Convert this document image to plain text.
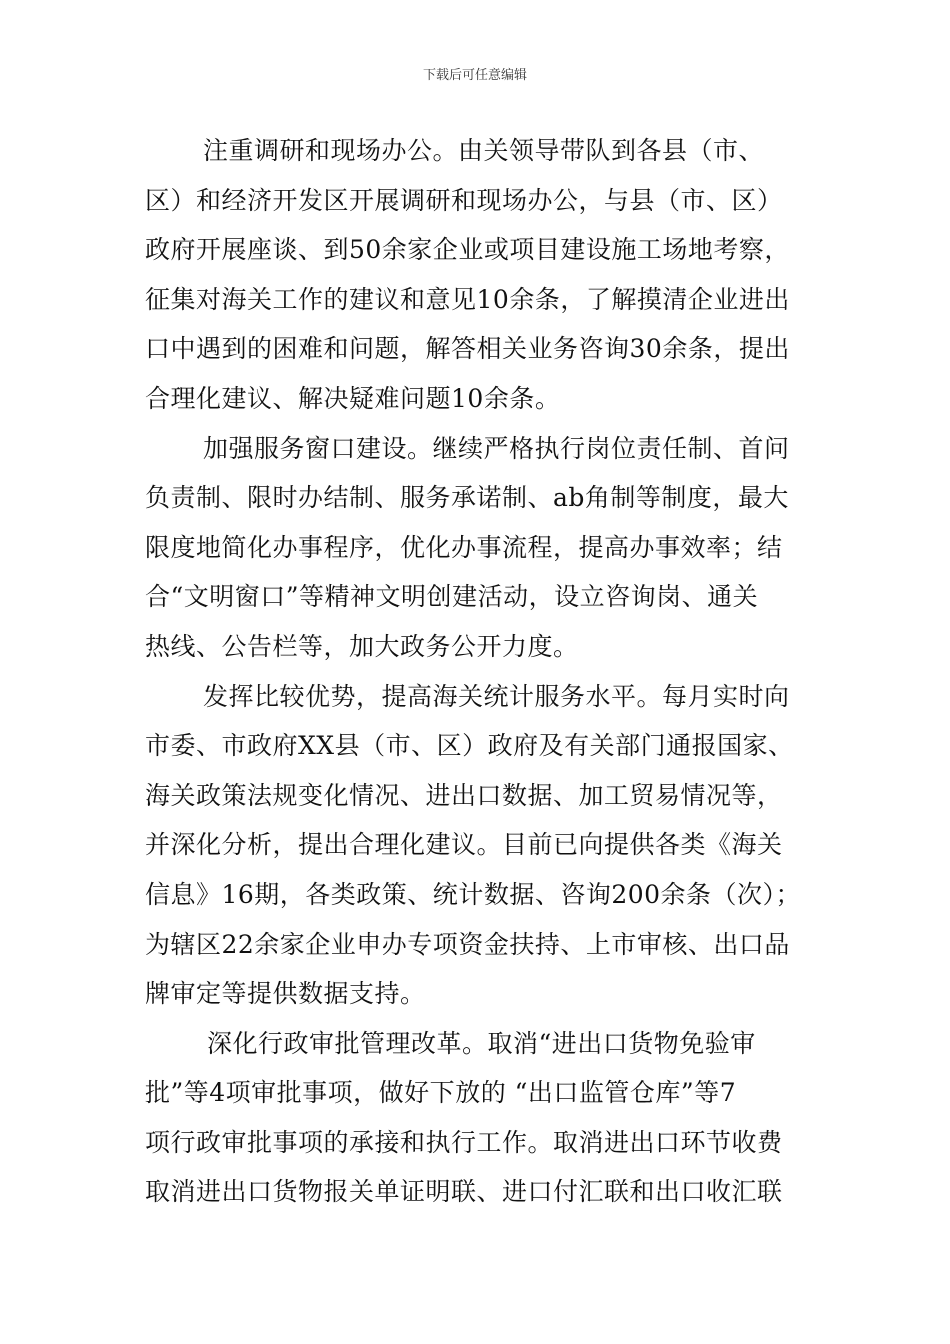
下载后可任意编辑
注重调研和现场办公。由关领导带队到各县（市、
区）和经济开发区开展调研和现场办公，与县（市、区）
政府开展座谈、到50余家企业或项目建设施工场地考察，
征集对海关工作的建议和意见10余条，了解摸清企业进出
口中遇到的困难和问题，解答相关业务咨询30余条，提出
合理化建议、解决疑难问题10余条。
加强服务窗口建设。继续严格执行岗位责任制、首问
负责制、限时办结制、服务承诺制、ab角制等制度，最大
限度地简化办事程序，优化办事流程，提高办事效率；结
合“文明窗口”等精神文明创建活动，设立咨询岗、通关
热线、公告栏等，加大政务公开力度。
发挥比较优势，提高海关统计服务水平。每月实时向
市委、市政府XX县（市、区）政府及有关部门通报国家、
海关政策法规变化情况、进出口数据、加工贸易情况等，
并深化分析，提出合理化建议。目前已向提供各类《海关
信息》16期，各类政策、统计数据、咨询200余条（次）；
为辖区22余家企业申办专项资金扶持、上市审核、出口品
牌审定等提供数据支持。
深化行政审批管理改革。取消“进出口货物免验审
批”等4项审批事项，做好下放的 “出口监管仓库”等7
项行政审批事项的承接和执行工作。取消进出口环节收费
取消进出口货物报关单证明联、进口付汇联和出口收汇联
